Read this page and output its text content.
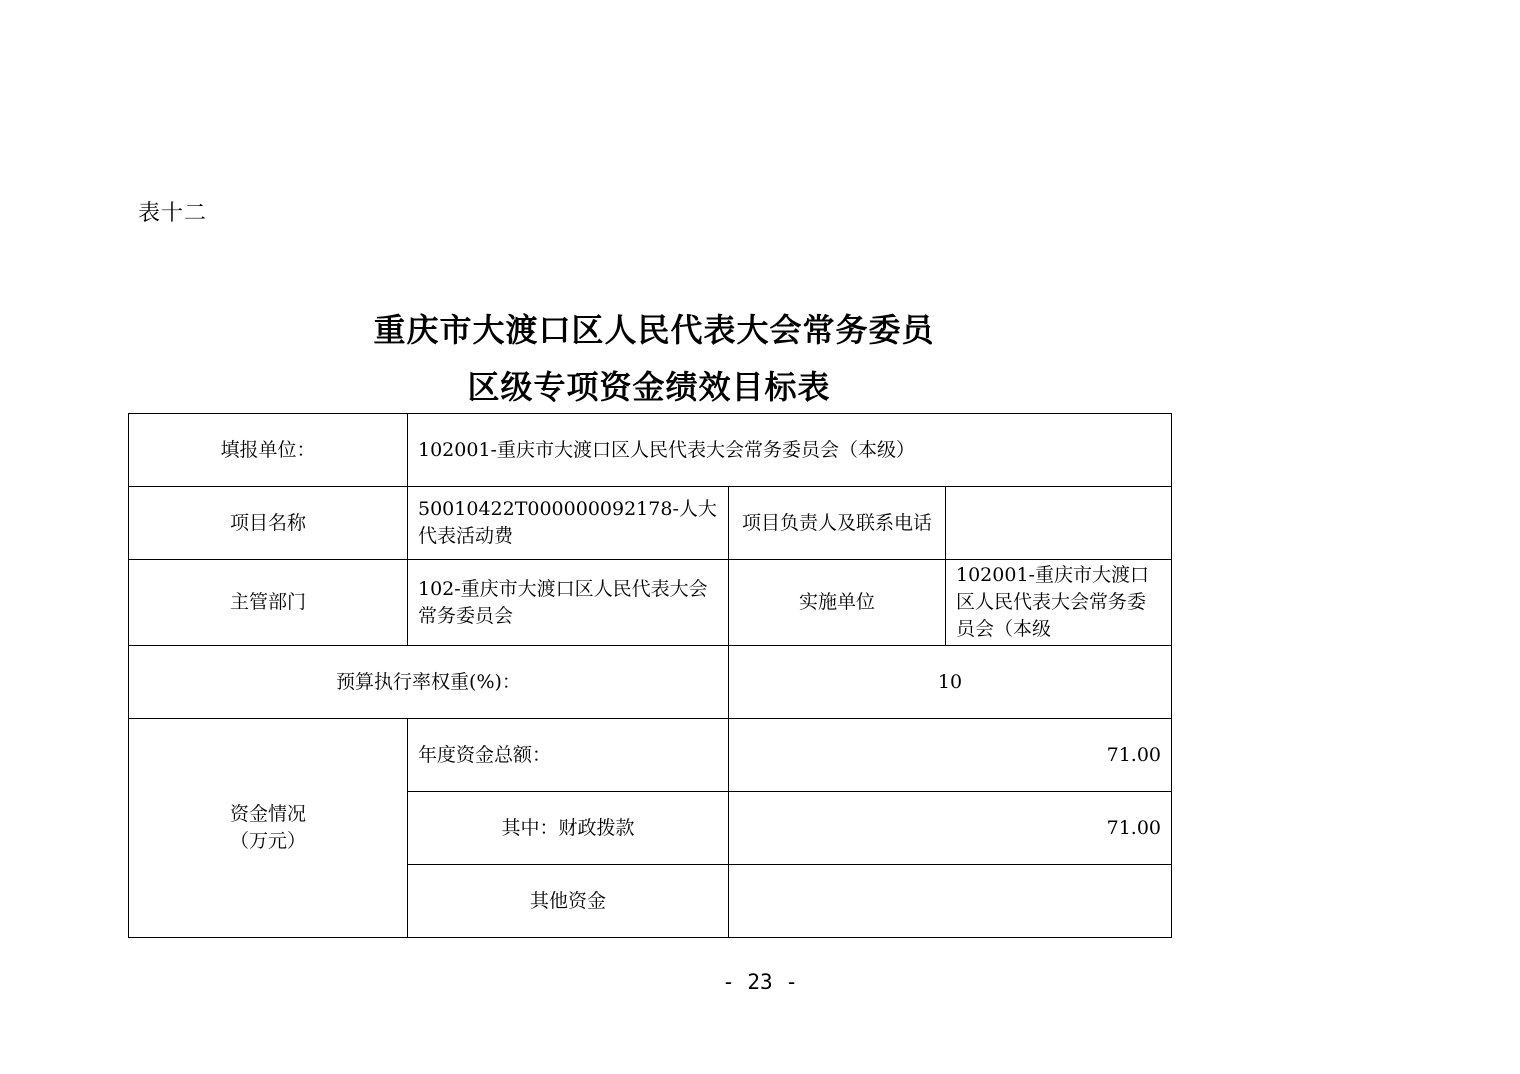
表十二
重庆市大渡口区人民代表大会常务委员
区级专项资金绩效目标表
填报单位：	102001-重庆市大渡口区人民代表大会常务委员会（本级）		
项目名称	50010422T000000092178-人大代表活动费	项目负责人及联系电话	
主管部门	102-重庆市大渡口区人民代表大会常务委员会	实施单位	102001-重庆市大渡口区人民代表大会常务委员会（本级
预算执行率权重(%)：		10	

资金情况
（万元）	年度资金总额：	71.00	
	其中：财政拨款	71.00	
	其他资金		
- 23 -
